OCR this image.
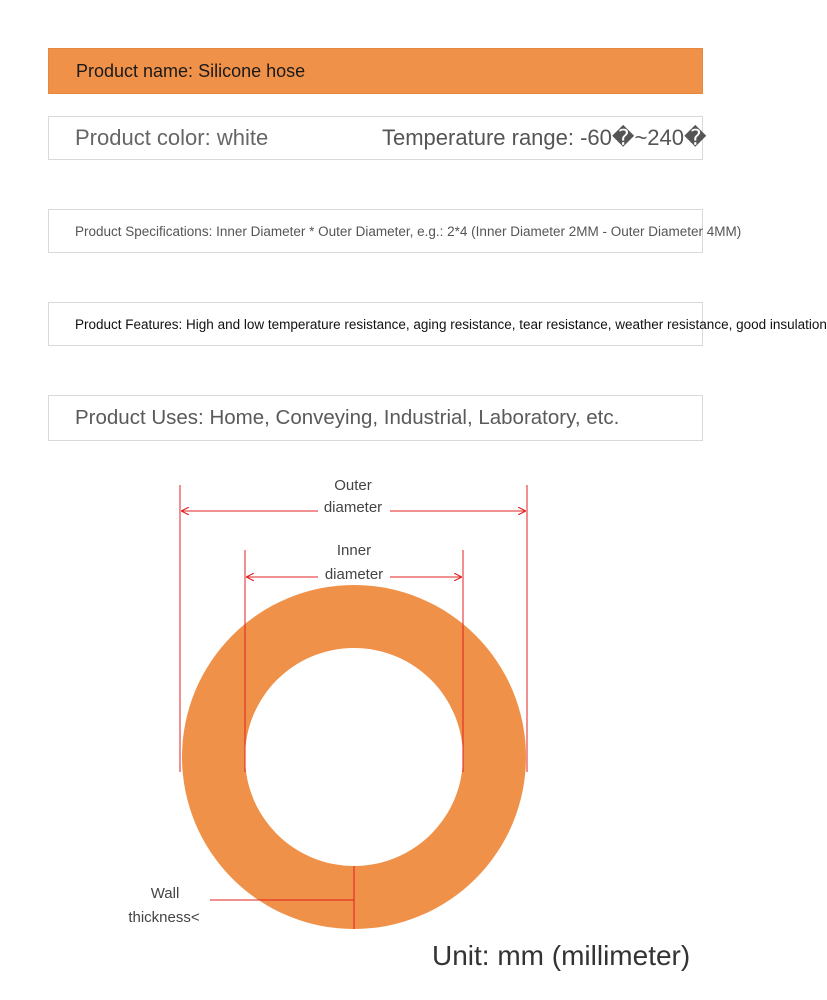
Product name: Silicone hose
Product color: white	Temperature range: -60�~240�
Product Specifications: Inner Diameter * Outer Diameter, e.g.: 2*4 (Inner Diameter 2MM - Outer Diameter 4MM)
Product Features: High and low temperature resistance, aging resistance, tear resistance, weather resistance, good insulation
Product Uses: Home, Conveying, Industrial, Laboratory, etc.
Outer
diameter
Inner
diameter
Wall
thickness<
Unit: mm (millimeter)
